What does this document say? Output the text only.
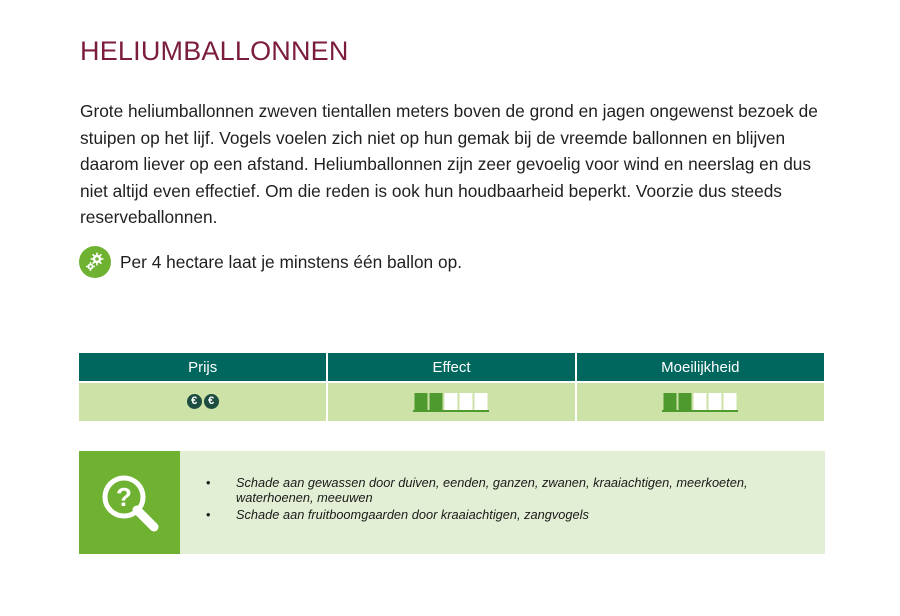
HELIUMBALLONNEN

Grote heliumballonnen zweven tientallen meters boven de grond en jagen ongewenst bezoek de stuipen op het lijf. Vogels voelen zich niet op hun gemak bij de vreemde ballonnen en blijven daarom liever op een afstand. Heliumballonnen zijn zeer gevoelig voor wind en neerslag en dus niet altijd even effectief. Om die reden is ook hun houdbaarheid beperkt. Voorzie dus steeds reserveballonnen.

Per 4 hectare laat je minstens één ballon op.
Prijs	Effect	Moeilijkheid

€ €

?	• Schade aan gewassen door duiven, eenden, ganzen, zwanen, kraaiachtigen, meerkoeten, waterhoenen, meeuwen
• Schade aan fruitboomgaarden door kraaiachtigen, zangvogels
